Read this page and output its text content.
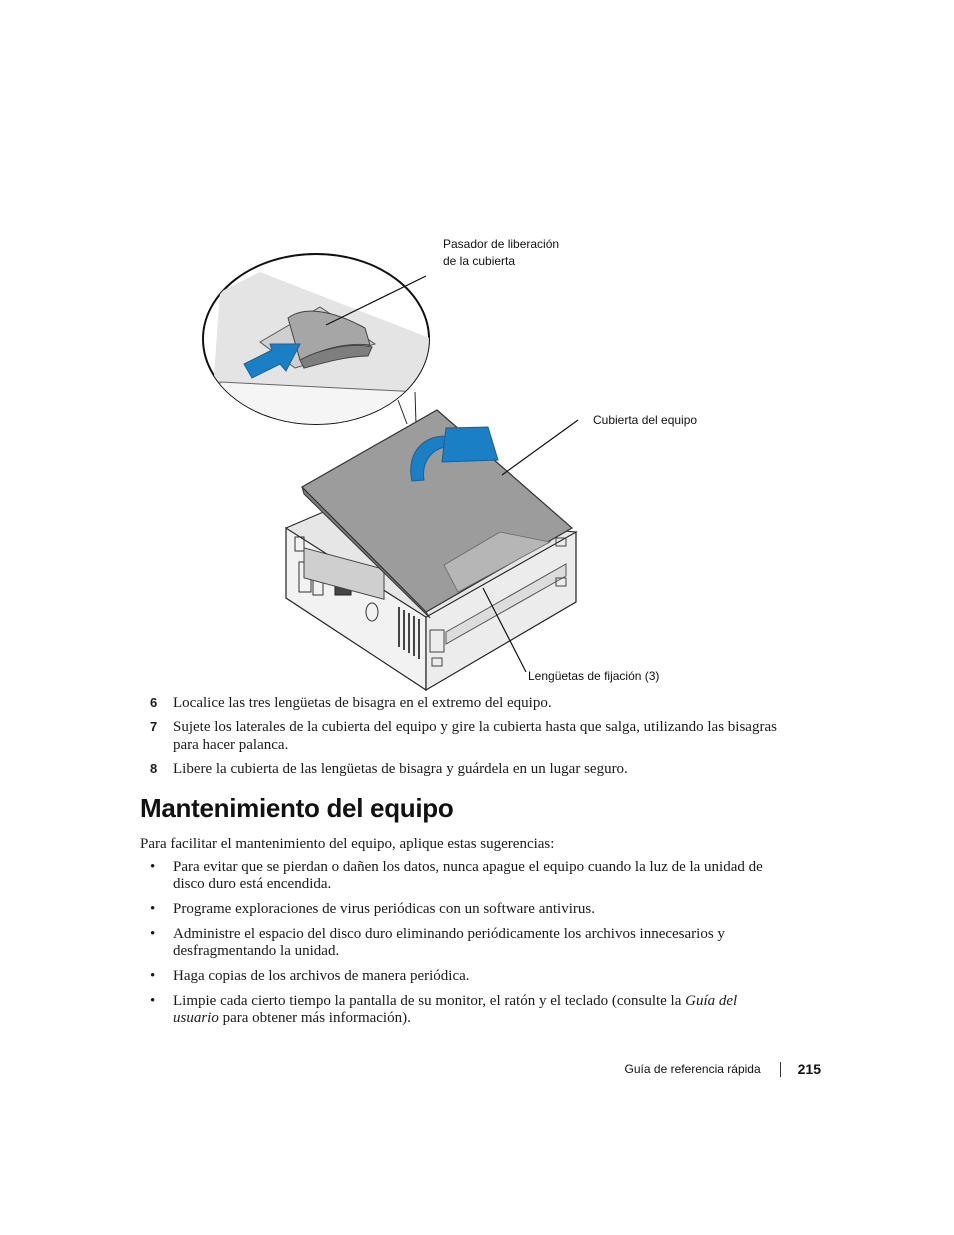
Pasador de liberación
de la cubierta
Cubierta del equipo
Lengüetas de fijación (3)
6 Localice las tres lengüetas de bisagra en el extremo del equipo.
7 Sujete los laterales de la cubierta del equipo y gire la cubierta hasta que salga, utilizando las bisagras para hacer palanca.
8 Libere la cubierta de las lengüetas de bisagra y guárdela en un lugar seguro.
Mantenimiento del equipo
Para facilitar el mantenimiento del equipo, aplique estas sugerencias:
• Para evitar que se pierdan o dañen los datos, nunca apague el equipo cuando la luz de la unidad de disco duro está encendida.
• Programe exploraciones de virus periódicas con un software antivirus.
• Administre el espacio del disco duro eliminando periódicamente los archivos innecesarios y desfragmentando la unidad.
• Haga copias de los archivos de manera periódica.
• Limpie cada cierto tiempo la pantalla de su monitor, el ratón y el teclado (consulte la Guía del usuario para obtener más información).
Guía de referencia rápida	215
